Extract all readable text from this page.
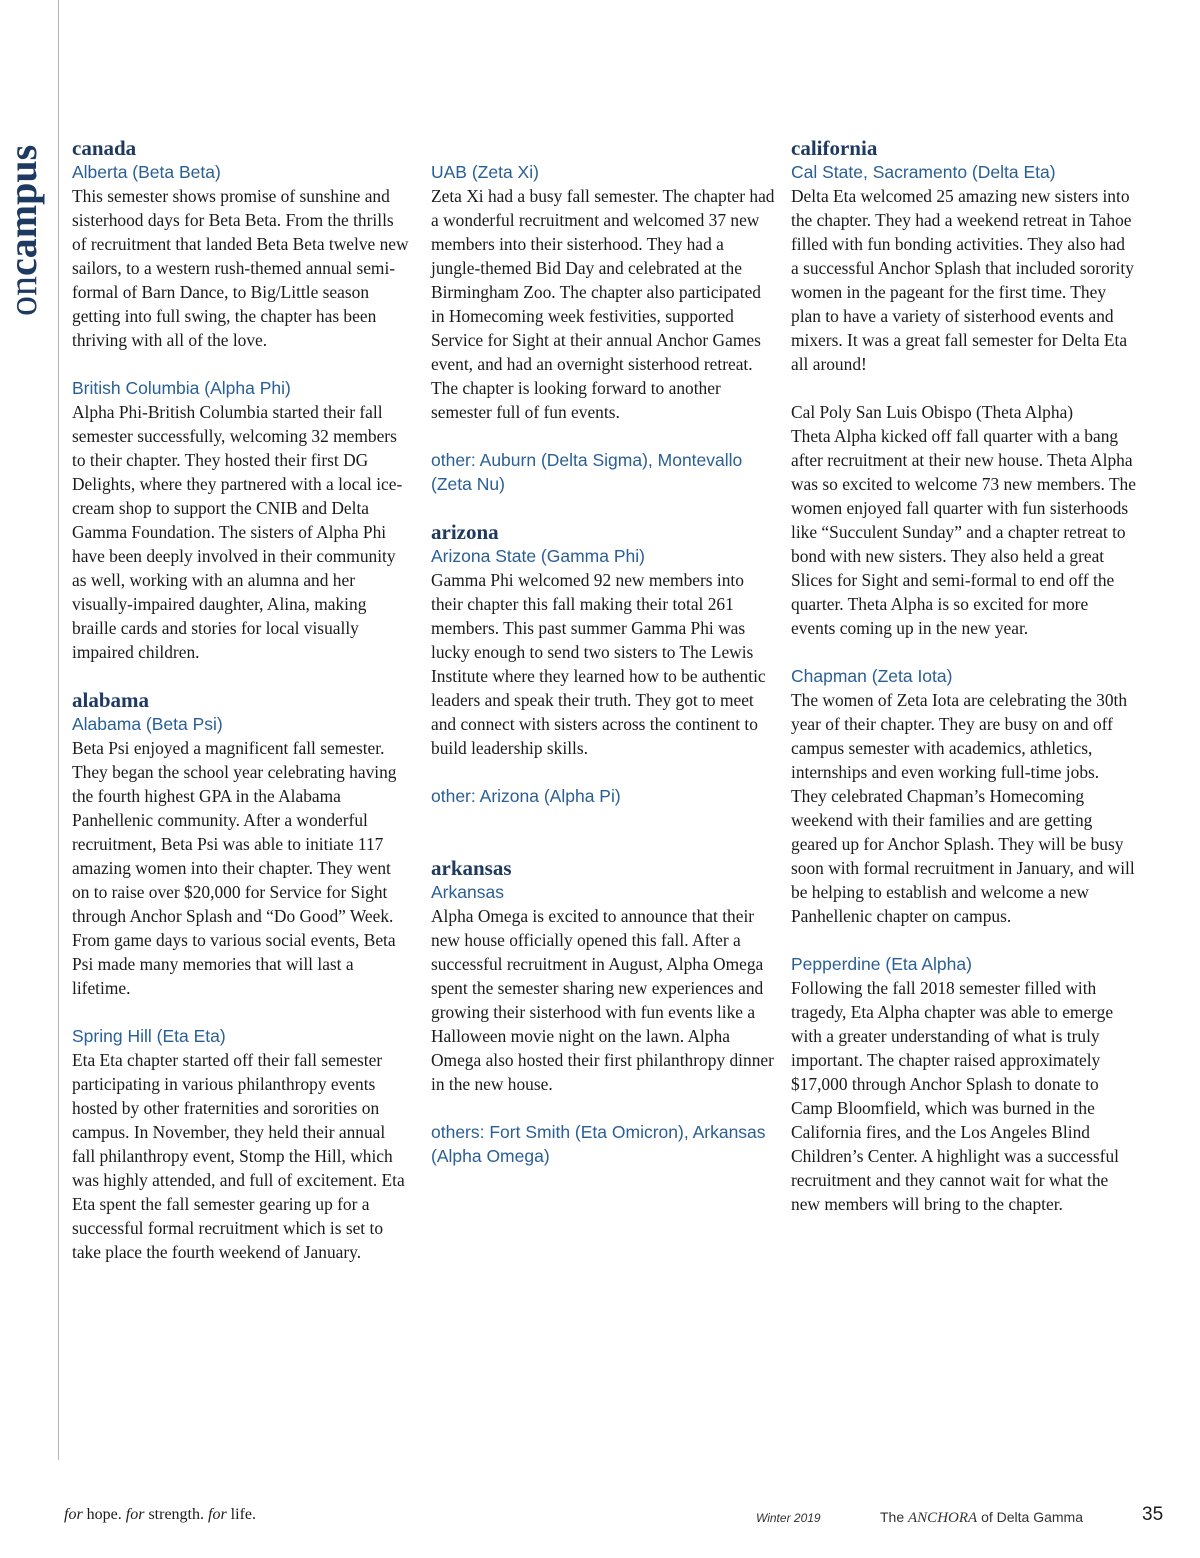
oncampus canada

Alberta (Beta Beta)

This semester shows promise of sunshine and sisterhood days for Beta Beta. From the thrills of recruitment that landed Beta Beta twelve new sailors, to a western rush-themed annual semi-formal of Barn Dance, to Big/Little season getting into full swing, the chapter has been thriving with all of the love.

British Columbia (Alpha Phi)

Alpha Phi-British Columbia started their fall semester successfully, welcoming 32 members to their chapter. They hosted their first DG Delights, where they partnered with a local ice-cream shop to support the CNIB and Delta Gamma Foundation. The sisters of Alpha Phi have been deeply involved in their community as well, working with an alumna and her visually-impaired daughter, Alina, making braille cards and stories for local visually impaired children.

alabama

Alabama (Beta Psi)

Beta Psi enjoyed a magnificent fall semester. They began the school year celebrating having the fourth highest GPA in the Alabama Panhellenic community. After a wonderful recruitment, Beta Psi was able to initiate 117 amazing women into their chapter. They went on to raise over $20,000 for Service for Sight through Anchor Splash and “Do Good” Week. From game days to various social events, Beta Psi made many memories that will last a lifetime.

Spring Hill (Eta Eta)

Eta Eta chapter started off their fall semester participating in various philanthropy events hosted by other fraternities and sororities on campus. In November, they held their annual fall philanthropy event, Stomp the Hill, which was highly attended, and full of excitement. Eta Eta spent the fall semester gearing up for a successful formal recruitment which is set to take place the fourth weekend of January.

UAB (Zeta Xi)

Zeta Xi had a busy fall semester. The chapter had a wonderful recruitment and welcomed 37 new members into their sisterhood. They had a jungle-themed Bid Day and celebrated at the Birmingham Zoo. The chapter also participated in Homecoming week festivities, supported Service for Sight at their annual Anchor Games event, and had an overnight sisterhood retreat. The chapter is looking forward to another semester full of fun events.

other: Auburn (Delta Sigma), Montevallo (Zeta Nu)

arizona

Arizona State (Gamma Phi)

Gamma Phi welcomed 92 new members into their chapter this fall making their total 261 members. This past summer Gamma Phi was lucky enough to send two sisters to The Lewis Institute where they learned how to be authentic leaders and speak their truth. They got to meet and connect with sisters across the continent to build leadership skills.

other: Arizona (Alpha Pi)

arkansas

Arkansas

Alpha Omega is excited to announce that their new house officially opened this fall. After a successful recruitment in August, Alpha Omega spent the semester sharing new experiences and growing their sisterhood with fun events like a Halloween movie night on the lawn. Alpha Omega also hosted their first philanthropy dinner in the new house.

others: Fort Smith (Eta Omicron), Arkansas (Alpha Omega)

california

Cal State, Sacramento (Delta Eta)

Delta Eta welcomed 25 amazing new sisters into the chapter. They had a weekend retreat in Tahoe filled with fun bonding activities. They also had a successful Anchor Splash that included sorority women in the pageant for the first time. They plan to have a variety of sisterhood events and mixers. It was a great fall semester for Delta Eta all around!

Cal Poly San Luis Obispo (Theta Alpha)

Theta Alpha kicked off fall quarter with a bang after recruitment at their new house. Theta Alpha was so excited to welcome 73 new members. The women enjoyed fall quarter with fun sisterhoods like “Succulent Sunday” and a chapter retreat to bond with new sisters. They also held a great Slices for Sight and semi-formal to end off the quarter. Theta Alpha is so excited for more events coming up in the new year.

Chapman (Zeta Iota)

The women of Zeta Iota are celebrating the 30th year of their chapter. They are busy on and off campus semester with academics, athletics, internships and even working full-time jobs. They celebrated Chapman’s Homecoming weekend with their families and are getting geared up for Anchor Splash. They will be busy soon with formal recruitment in January, and will be helping to establish and welcome a new Panhellenic chapter on campus.

Pepperdine (Eta Alpha)

Following the fall 2018 semester filled with tragedy, Eta Alpha chapter was able to emerge with a greater understanding of what is truly important. The chapter raised approximately $17,000 through Anchor Splash to donate to Camp Bloomfield, which was burned in the California fires, and the Los Angeles Blind Children’s Center. A highlight was a successful recruitment and they cannot wait for what the new members will bring to the chapter.

for hope. for strength. for life.	Winter 2019	The ANCHORA of Delta Gamma	35
